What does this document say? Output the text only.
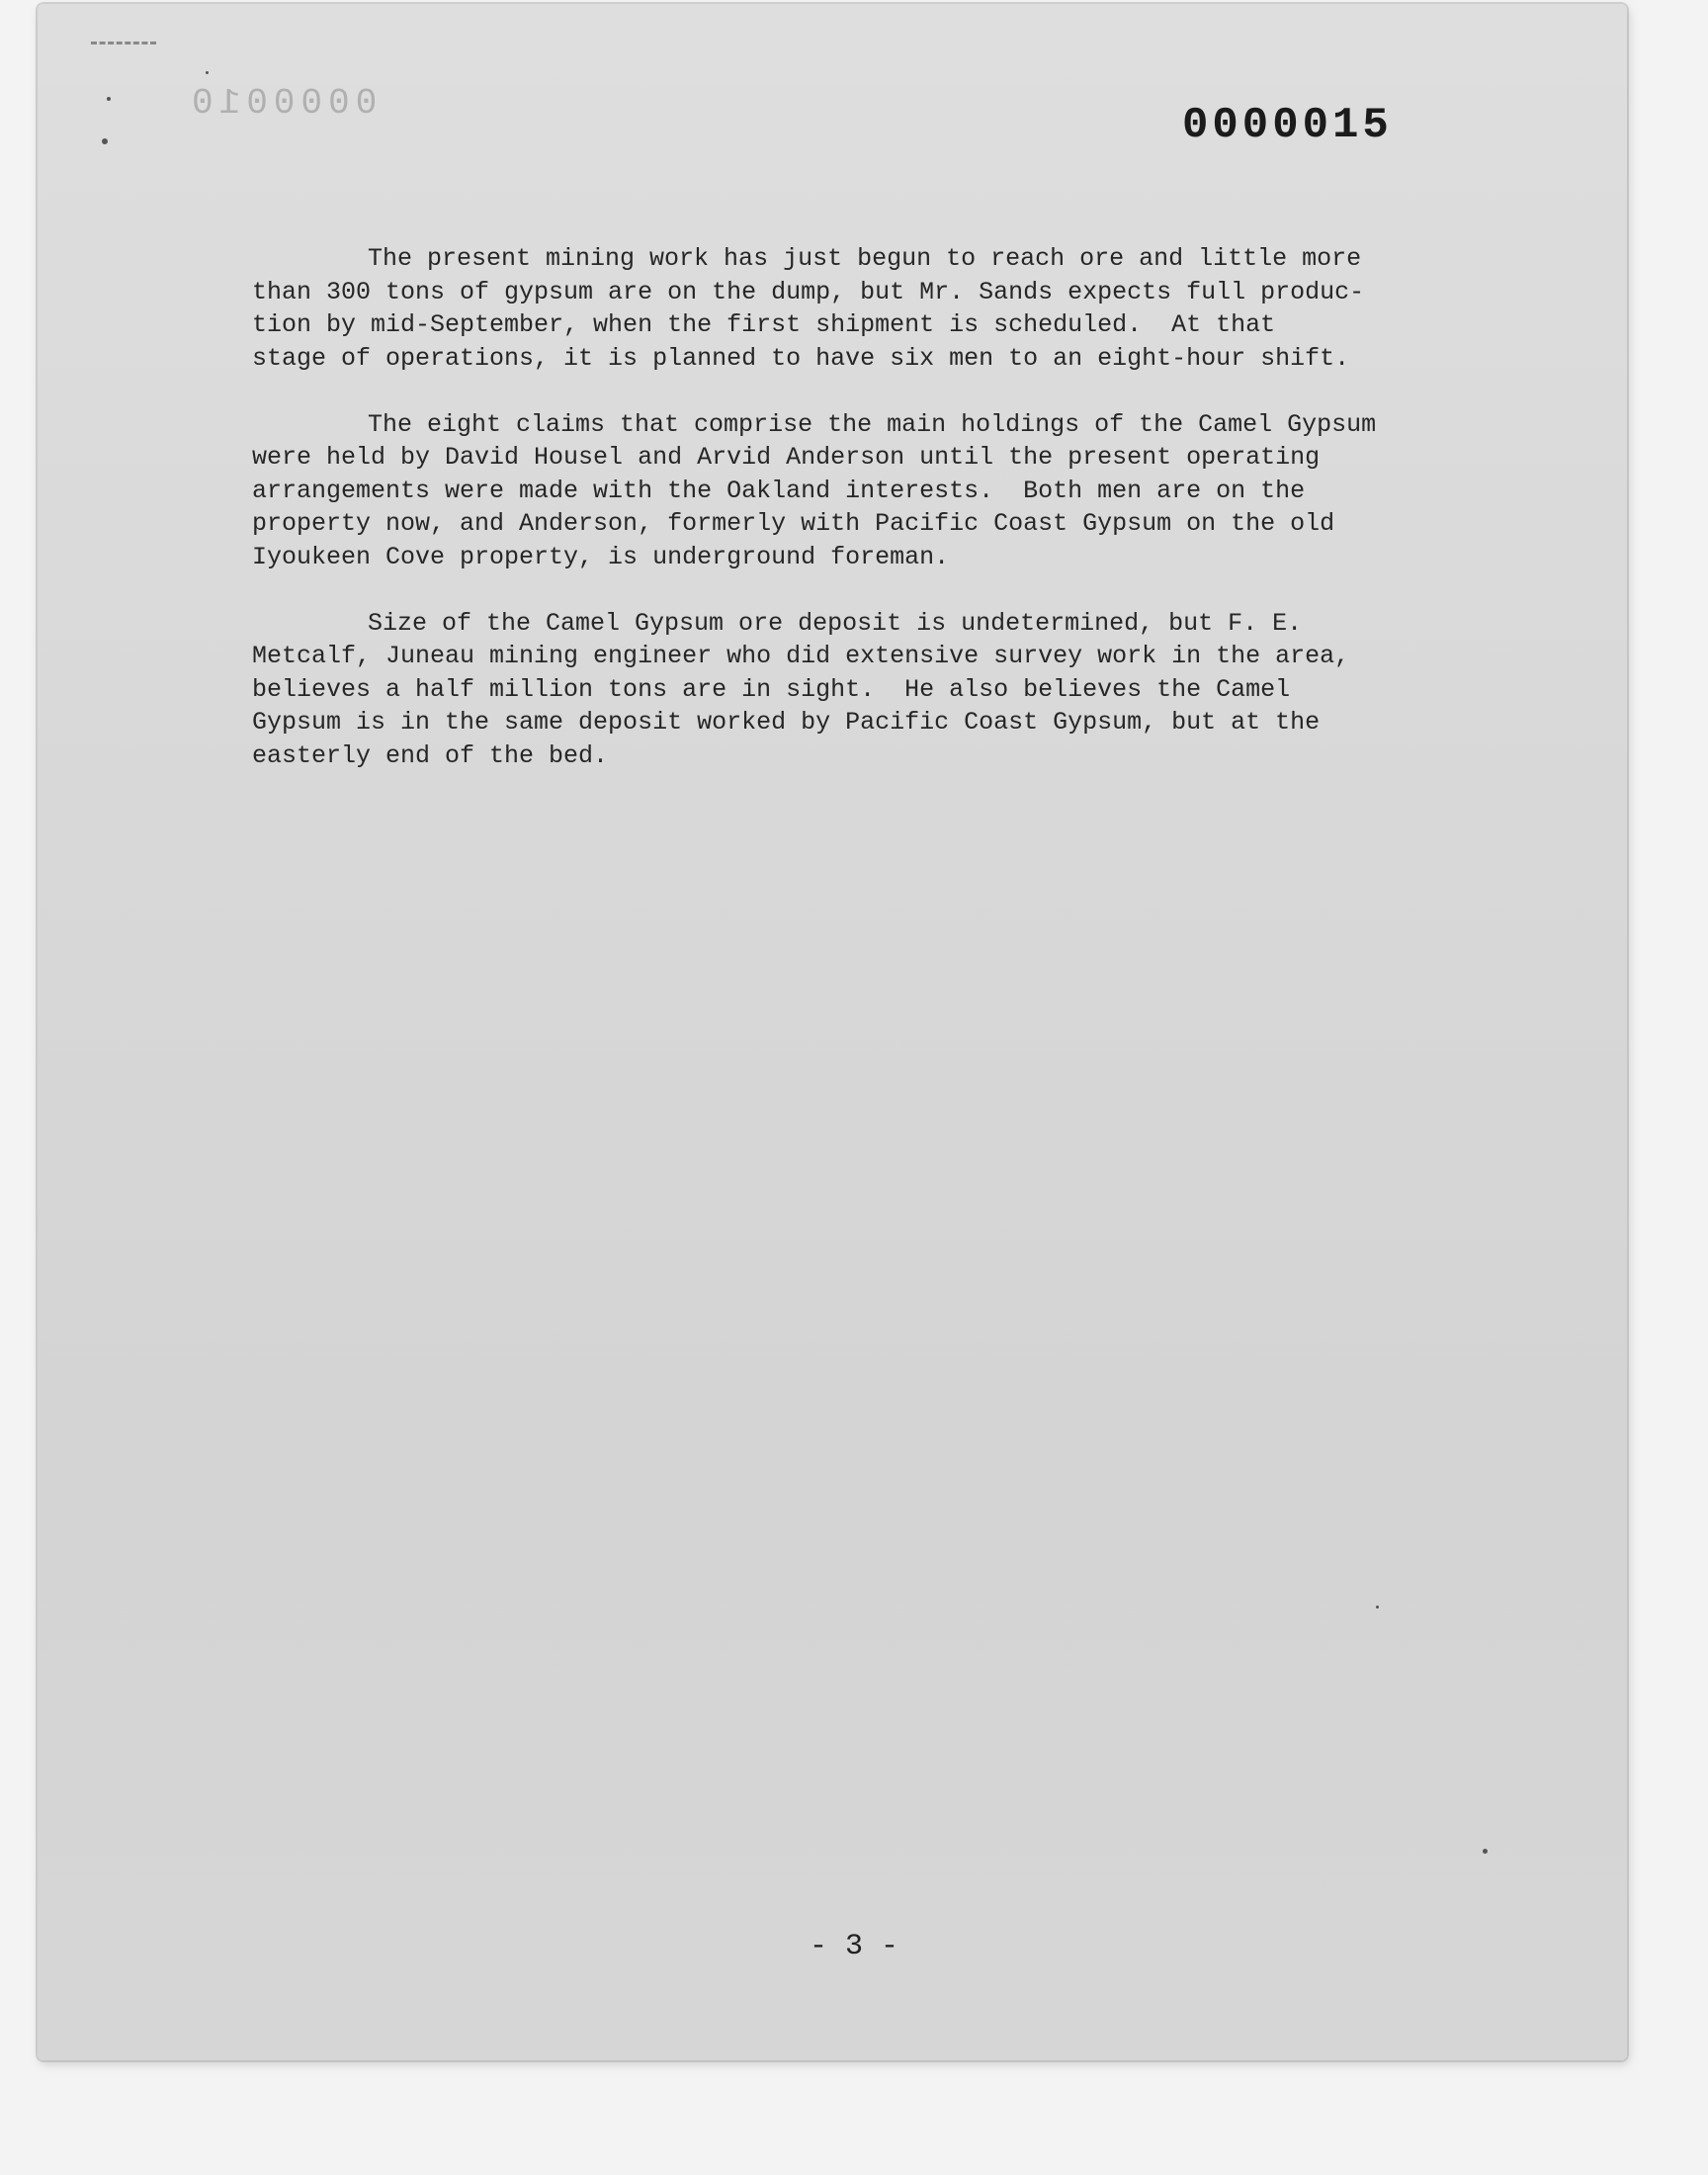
0000010	0000015
The present mining work has just begun to reach ore and little more
than 300 tons of gypsum are on the dump, but Mr. Sands expects full produc-
tion by mid-September, when the first shipment is scheduled.  At that
stage of operations, it is planned to have six men to an eight-hour shift.
The eight claims that comprise the main holdings of the Camel Gypsum
were held by David Housel and Arvid Anderson until the present operating
arrangements were made with the Oakland interests.  Both men are on the
property now, and Anderson, formerly with Pacific Coast Gypsum on the old
Iyoukeen Cove property, is underground foreman.
Size of the Camel Gypsum ore deposit is undetermined, but F. E.
Metcalf, Juneau mining engineer who did extensive survey work in the area,
believes a half million tons are in sight.  He also believes the Camel
Gypsum is in the same deposit worked by Pacific Coast Gypsum, but at the
easterly end of the bed.
- 3 -
